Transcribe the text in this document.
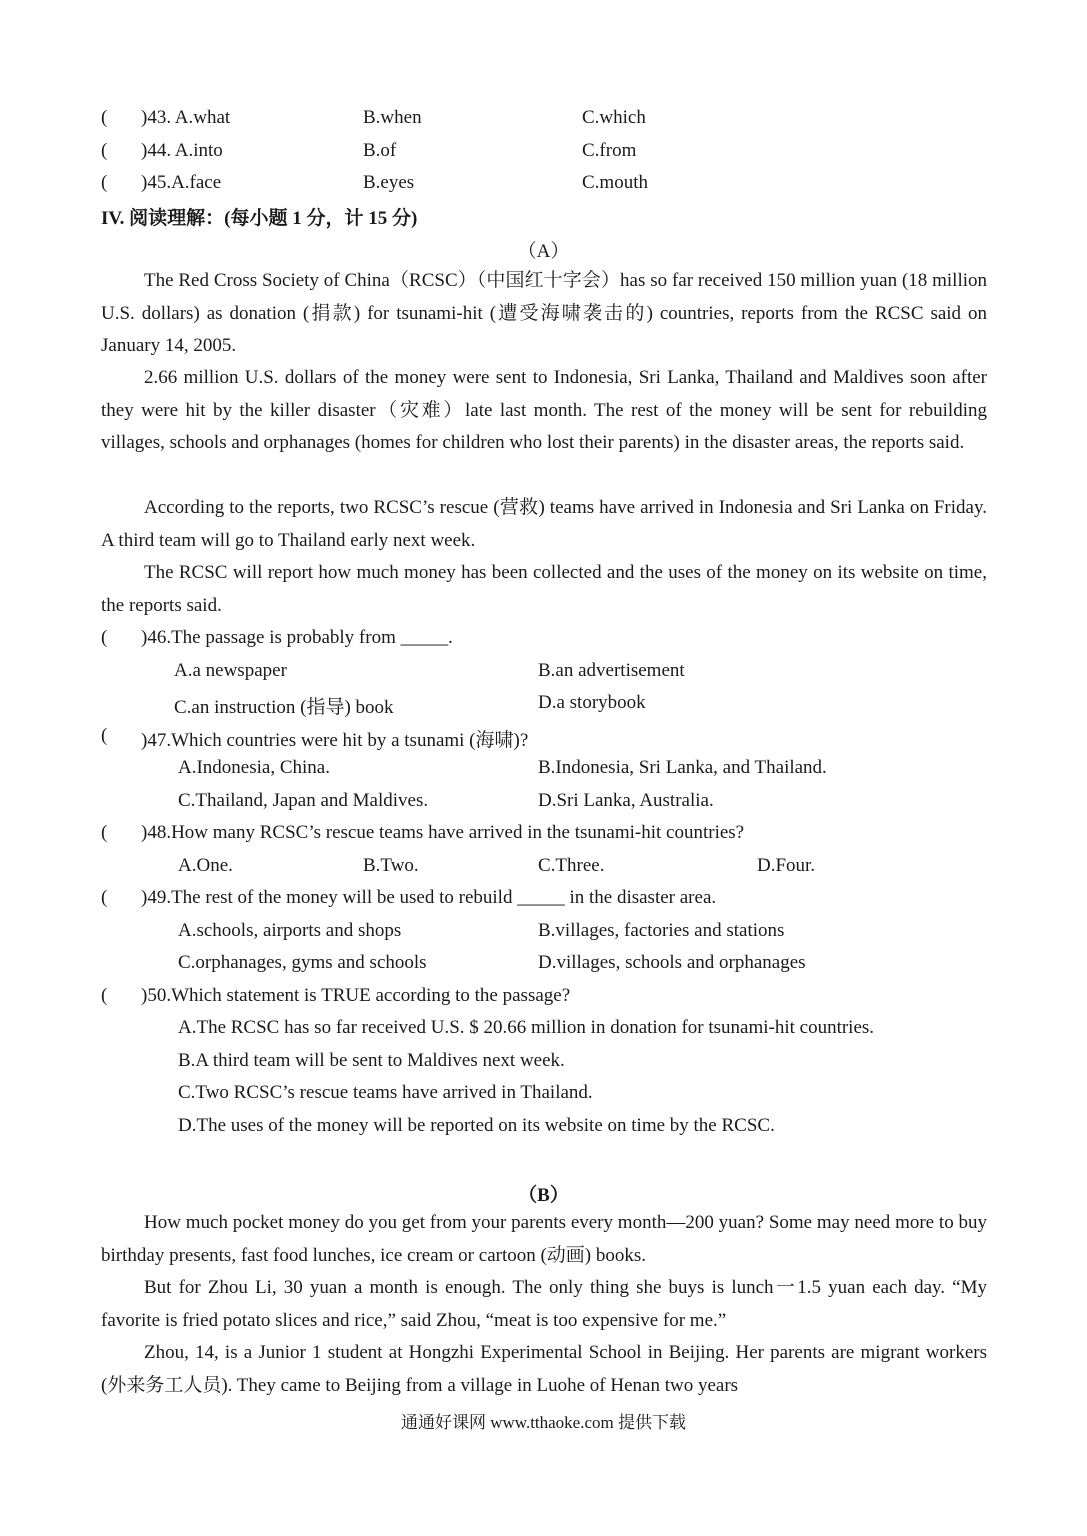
( )43. A.what	B.when	C.which
( )44. A.into	B.of	C.from
( )45.A.face	B.eyes	C.mouth
IV. 阅读理解：(每小题 1 分，计 15 分)
（A）
The Red Cross Society of China（RCSC）（中国红十字会）has so far received 150 million yuan (18 million U.S. dollars) as donation (捐款) for tsunami-hit (遭受海啸袭击的) countries, reports from the RCSC said on January 14, 2005.
2.66 million U.S. dollars of the money were sent to Indonesia, Sri Lanka, Thailand and Maldives soon after they were hit by the killer disaster（灾难）late last month. The rest of the money will be sent for rebuilding villages, schools and orphanages (homes for children who lost their parents) in the disaster areas, the reports said.
According to the reports, two RCSC’s rescue (营救) teams have arrived in Indonesia and Sri Lanka on Friday. A third team will go to Thailand early next week.
The RCSC will report how much money has been collected and the uses of the money on its website on time, the reports said.
( )46.The passage is probably from _____.
A.a newspaper	B.an advertisement
C.an instruction (指导) book	D.a storybook
( )47.Which countries were hit by a tsunami (海啸)?
A.Indonesia, China.	B.Indonesia, Sri Lanka, and Thailand.
C.Thailand, Japan and Maldives.	D.Sri Lanka, Australia.
( )48.How many RCSC’s rescue teams have arrived in the tsunami-hit countries?
A.One.	B.Two.	C.Three.	D.Four.
( )49.The rest of the money will be used to rebuild _____ in the disaster area.
A.schools, airports and shops	B.villages, factories and stations
C.orphanages, gyms and schools	D.villages, schools and orphanages
( )50.Which statement is TRUE according to the passage?
A.The RCSC has so far received U.S. $ 20.66 million in donation for tsunami-hit countries.
B.A third team will be sent to Maldives next week.
C.Two RCSC’s rescue teams have arrived in Thailand.
D.The uses of the money will be reported on its website on time by the RCSC.
（B）
How much pocket money do you get from your parents every month—200 yuan? Some may need more to buy birthday presents, fast food lunches, ice cream or cartoon (动画) books.
But for Zhou Li, 30 yuan a month is enough. The only thing she buys is lunch一1.5 yuan each day. “My favorite is fried potato slices and rice,” said Zhou, “meat is too expensive for me.”
Zhou, 14, is a Junior 1 student at Hongzhi Experimental School in Beijing. Her parents are migrant workers (外来务工人员). They came to Beijing from a village in Luohe of Henan two years
通通好课网 www.tthaoke.com 提供下载
